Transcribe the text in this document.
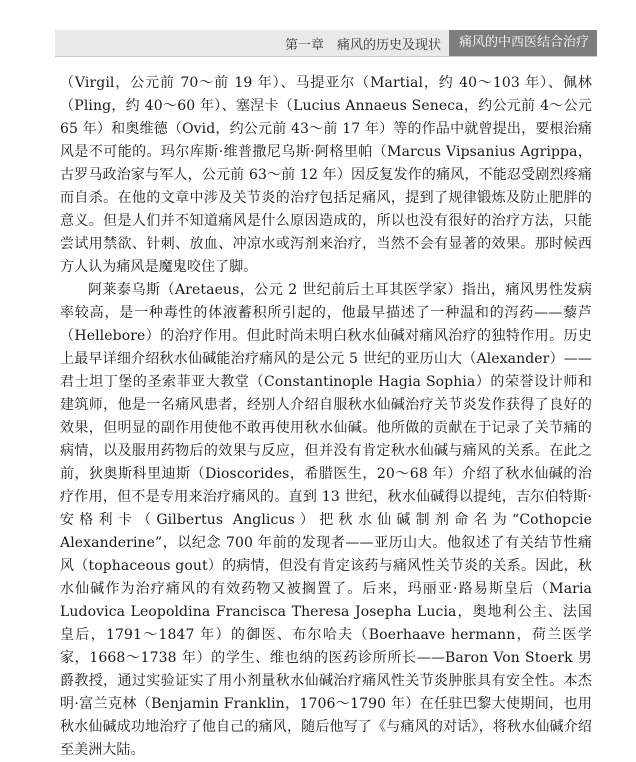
第一章　痛风的历史及现状	痛风的中西医结合治疗

（Virgil，公元前 70～前 19 年）、马提亚尔（Martial，约 40～103 年）、佩林（Pling，约 40～60 年）、塞涅卡（Lucius Annaeus Seneca，约公元前 4～公元 65 年）和奥维德（Ovid，约公元前 43～前 17 年）等的作品中就曾提出，要根治痛风是不可能的。玛尔库斯·维普撒尼乌斯·阿格里帕（Marcus Vipsanius Agrippa，古罗马政治家与军人，公元前 63～前 12 年）因反复发作的痛风，不能忍受剧烈疼痛而自杀。在他的文章中涉及关节炎的治疗包括足痛风，提到了规律锻炼及防止肥胖的意义。但是人们并不知道痛风是什么原因造成的，所以也没有很好的治疗方法，只能尝试用禁欲、针刺、放血、冲凉水或泻剂来治疗，当然不会有显著的效果。那时候西方人认为痛风是魔鬼咬住了脚。

阿莱泰乌斯（Aretaeus，公元 2 世纪前后土耳其医学家）指出，痛风男性发病率较高，是一种毒性的体液蓄积所引起的，他最早描述了一种温和的泻药——藜芦（Hellebore）的治疗作用。但此时尚未明白秋水仙碱对痛风治疗的独特作用。历史上最早详细介绍秋水仙碱能治疗痛风的是公元 5 世纪的亚历山大（Alexander）——君士坦丁堡的圣索菲亚大教堂（Constantinople Hagia Sophia）的荣誉设计师和建筑师，他是一名痛风患者，经别人介绍自服秋水仙碱治疗关节炎发作获得了良好的效果，但明显的副作用使他不敢再使用秋水仙碱。他所做的贡献在于记录了关节痛的病情，以及服用药物后的效果与反应，但并没有肯定秋水仙碱与痛风的关系。在此之前，狄奥斯科里迪斯（Dioscorides，希腊医生，20～68 年）介绍了秋水仙碱的治疗作用，但不是专用来治疗痛风的。直到 13 世纪，秋水仙碱得以提纯，吉尔伯特斯·安格利卡（Gilbertus Anglicus）把秋水仙碱制剂命名为“Cothopcie Alexanderine”，以纪念 700 年前的发现者——亚历山大。他叙述了有关结节性痛风（tophaceous gout）的病情，但没有肯定该药与痛风性关节炎的关系。因此，秋水仙碱作为治疗痛风的有效药物又被搁置了。后来，玛丽亚·路易斯皇后（Maria Ludovica Leopoldina Francisca Theresa Josepha Lucia，奥地利公主、法国皇后，1791～1847 年）的御医、布尔哈夫（Boerhaave hermann，荷兰医学家，1668～1738 年）的学生、维也纳的医药诊所所长——Baron Von Stoerk 男爵教授，通过实验证实了用小剂量秋水仙碱治疗痛风性关节炎肿胀具有安全性。本杰明·富兰克林（Benjamin Franklin，1706～1790 年）在任驻巴黎大使期间，也用秋水仙碱成功地治疗了他自己的痛风，随后他写了《与痛风的对话》，将秋水仙碱介绍至美洲大陆。
